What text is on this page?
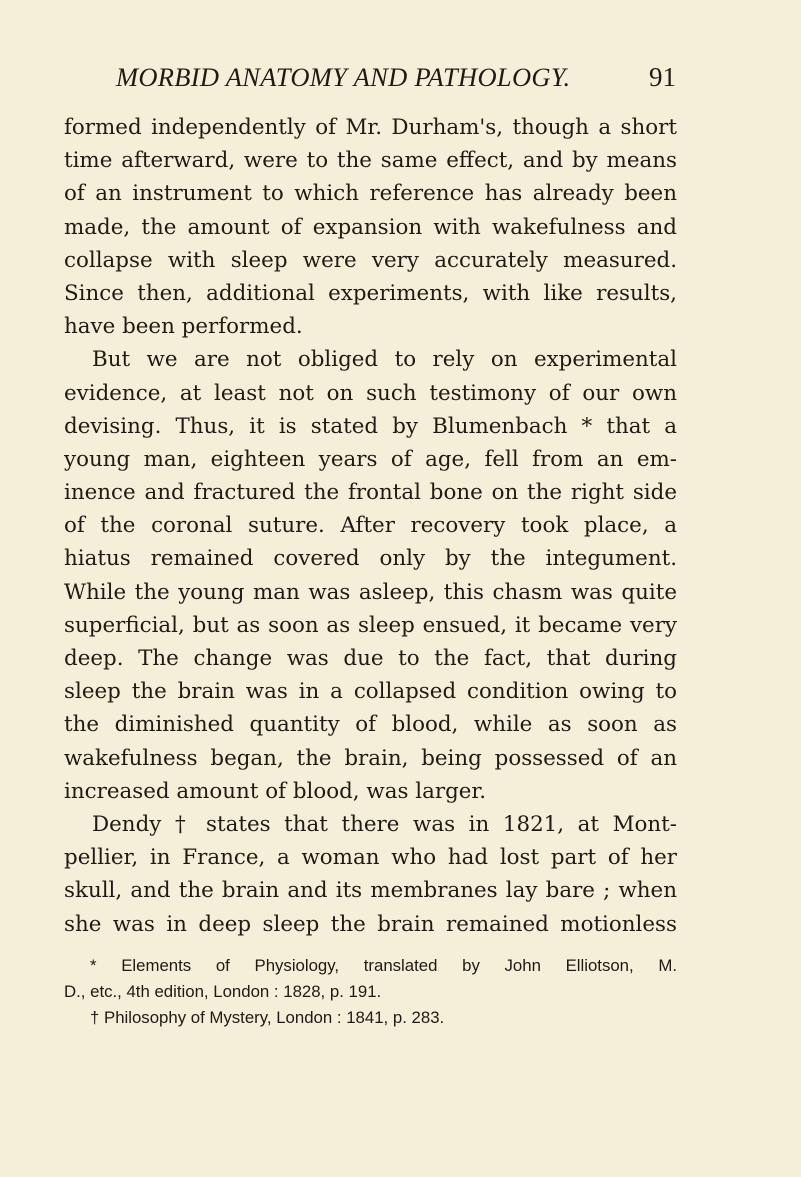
MORBID ANATOMY AND PATHOLOGY.	91
formed independently of Mr. Durham's, though a short
time afterward, were to the same effect, and by means
of an instrument to which reference has already been
made, the amount of expansion with wakefulness and
collapse with sleep were very accurately measured.
Since then, additional experiments, with like results,
have been performed.
But we are not obliged to rely on experimental
evidence, at least not on such testimony of our own
devising. Thus, it is stated by Blumenbach * that a
young man, eighteen years of age, fell from an em-
inence and fractured the frontal bone on the right side
of the coronal suture. After recovery took place, a
hiatus remained covered only by the integument.
While the young man was asleep, this chasm was quite
superficial, but as soon as sleep ensued, it became very
deep. The change was due to the fact, that during
sleep the brain was in a collapsed condition owing to
the diminished quantity of blood, while as soon as
wakefulness began, the brain, being possessed of an
increased amount of blood, was larger.
Dendy † states that there was in 1821, at Mont-
pellier, in France, a woman who had lost part of her
skull, and the brain and its membranes lay bare ; when
she was in deep sleep the brain remained motionless
* Elements of Physiology, translated by John Elliotson, M.
D., etc., 4th edition, London : 1828, p. 191.
† Philosophy of Mystery, London : 1841, p. 283.
